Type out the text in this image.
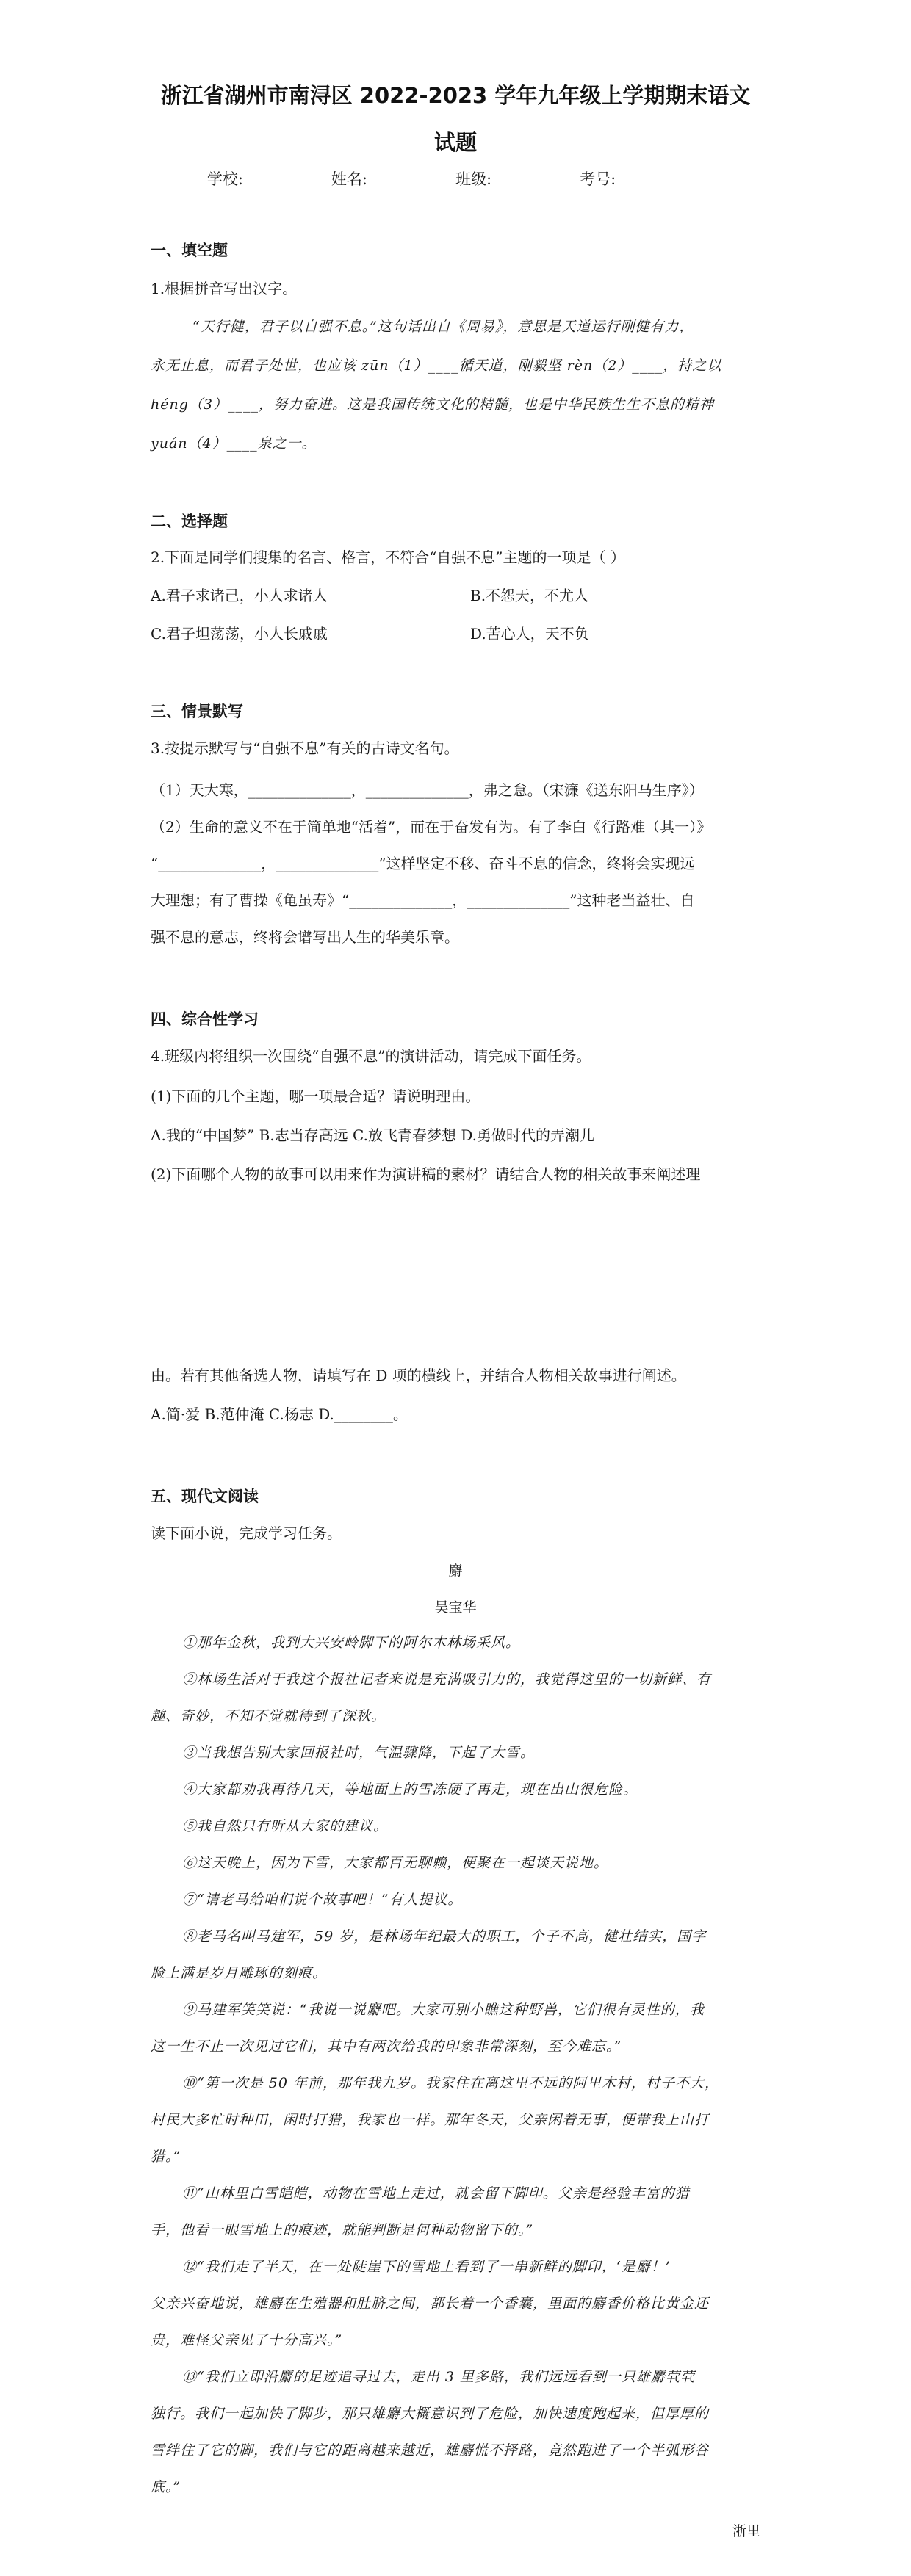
浙江省湖州市南浔区 2022-2023 学年九年级上学期期末语文
试题
学校:	姓名:	班级:	考号:
一、填空题
1.根据拼音写出汉字。
“天行健，君子以自强不息。”这句话出自《周易》，意思是天道运行刚健有力，
永无止息，而君子处世，也应该 zūn（1）____循天道，刚毅坚 rèn（2）____，持之以
héng（3）____，努力奋进。这是我国传统文化的精髓，也是中华民族生生不息的精神
yuán（4）____泉之一。
二、选择题
2.下面是同学们搜集的名言、格言，不符合“自强不息”主题的一项是（ ）
A.君子求诸己，小人求诸人	B.不怨天，不尤人
C.君子坦荡荡，小人长戚戚	D.苦心人，天不负
三、情景默写
3.按提示默写与“自强不息”有关的古诗文名句。
（1）天大寒，______________，______________，弗之怠。（宋濂《送东阳马生序》）
（2）生命的意义不在于简单地“活着”，而在于奋发有为。有了李白《行路难（其一）》
“______________，______________”这样坚定不移、奋斗不息的信念，终将会实现远
大理想；有了曹操《龟虽寿》“______________，______________”这种老当益壮、自
强不息的意志，终将会谱写出人生的华美乐章。
四、综合性学习
4.班级内将组织一次围绕“自强不息”的演讲活动，请完成下面任务。
(1)下面的几个主题，哪一项最合适？请说明理由。
A.我的“中国梦” B.志当存高远 C.放飞青春梦想 D.勇做时代的弄潮儿
(2)下面哪个人物的故事可以用来作为演讲稿的素材？请结合人物的相关故事来阐述理
由。若有其他备选人物，请填写在 D 项的横线上，并结合人物相关故事进行阐述。
A.简·爱 B.范仲淹 C.杨志 D.________。
五、现代文阅读
读下面小说，完成学习任务。
麝
吴宝华
①那年金秋，我到大兴安岭脚下的阿尔木林场采风。
②林场生活对于我这个报社记者来说是充满吸引力的，我觉得这里的一切新鲜、有
趣、奇妙，不知不觉就待到了深秋。
③当我想告别大家回报社时，气温骤降，下起了大雪。
④大家都劝我再待几天，等地面上的雪冻硬了再走，现在出山很危险。
⑤我自然只有听从大家的建议。
⑥这天晚上，因为下雪，大家都百无聊赖，便聚在一起谈天说地。
⑦“请老马给咱们说个故事吧！”有人提议。
⑧老马名叫马建军，59 岁，是林场年纪最大的职工，个子不高，健壮结实，国字
脸上满是岁月雕琢的刻痕。
⑨马建军笑笑说：“我说一说麝吧。大家可别小瞧这种野兽，它们很有灵性的，我
这一生不止一次见过它们，其中有两次给我的印象非常深刻，至今难忘。”
⑩“第一次是 50 年前，那年我九岁。我家住在离这里不远的阿里木村，村子不大，
村民大多忙时种田，闲时打猎，我家也一样。那年冬天，父亲闲着无事，便带我上山打
猎。”
⑪“山林里白雪皑皑，动物在雪地上走过，就会留下脚印。父亲是经验丰富的猎
手，他看一眼雪地上的痕迹，就能判断是何种动物留下的。”
⑫“我们走了半天，在一处陡崖下的雪地上看到了一串新鲜的脚印，‘是麝！’
父亲兴奋地说，雄麝在生殖器和肚脐之间，都长着一个香囊，里面的麝香价格比黄金还
贵，难怪父亲见了十分高兴。”
⑬“我们立即沿麝的足迹追寻过去，走出 3 里多路，我们远远看到一只雄麝茕茕
独行。我们一起加快了脚步，那只雄麝大概意识到了危险，加快速度跑起来，但厚厚的
雪绊住了它的脚，我们与它的距离越来越近，雄麝慌不择路，竟然跑进了一个半弧形谷
底。”
浙里
